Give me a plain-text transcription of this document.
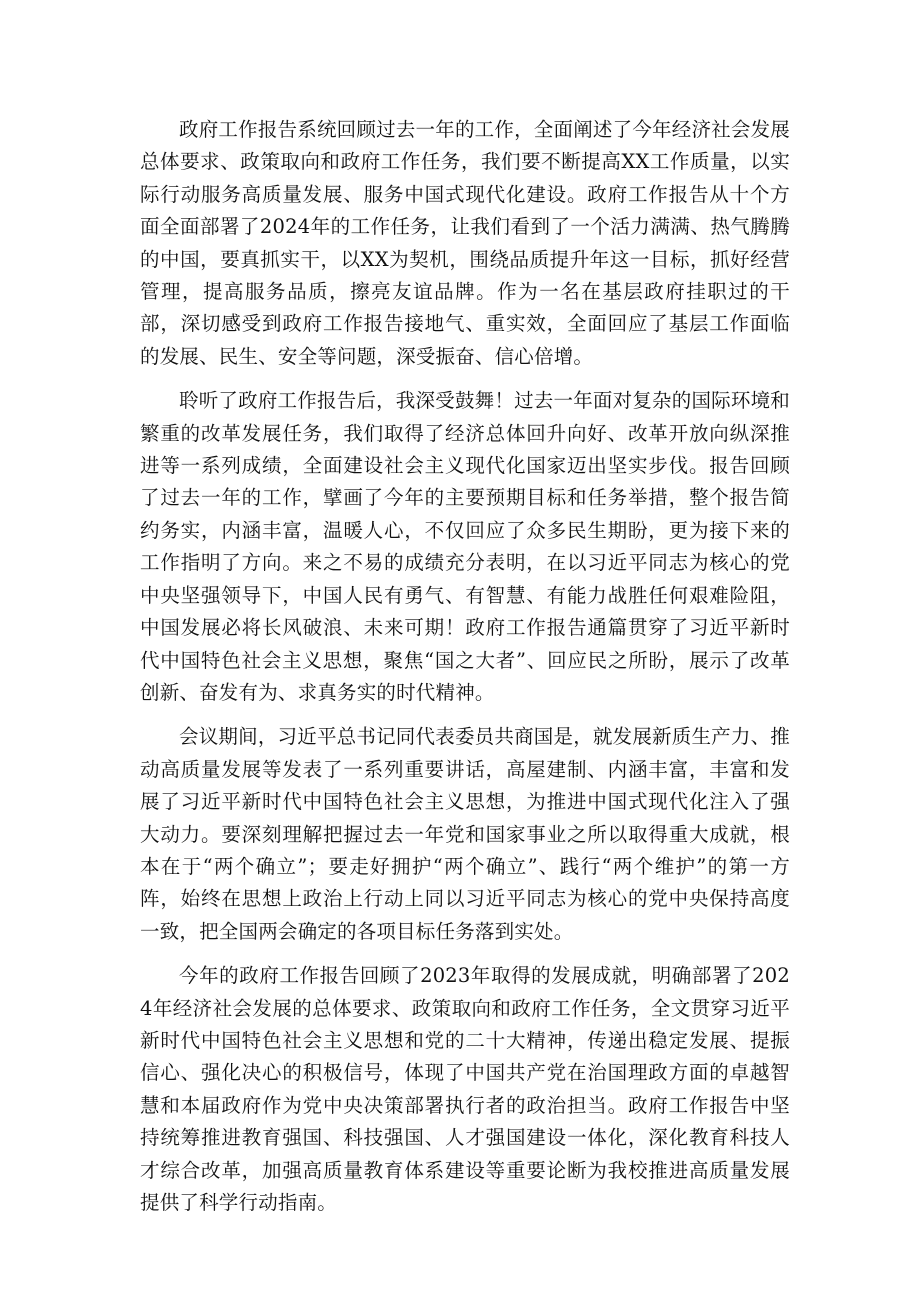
政府工作报告系统回顾过去一年的工作，全面阐述了今年经济社会发展总体要求、政策取向和政府工作任务，我们要不断提高XX工作质量，以实际行动服务高质量发展、服务中国式现代化建设。政府工作报告从十个方面全面部署了2024年的工作任务，让我们看到了一个活力满满、热气腾腾的中国，要真抓实干，以XX为契机，围绕品质提升年这一目标，抓好经营管理，提高服务品质，擦亮友谊品牌。作为一名在基层政府挂职过的干部，深切感受到政府工作报告接地气、重实效，全面回应了基层工作面临的发展、民生、安全等问题，深受振奋、信心倍增。

聆听了政府工作报告后，我深受鼓舞！过去一年面对复杂的国际环境和繁重的改革发展任务，我们取得了经济总体回升向好、改革开放向纵深推进等一系列成绩，全面建设社会主义现代化国家迈出坚实步伐。报告回顾了过去一年的工作，擘画了今年的主要预期目标和任务举措，整个报告简约务实，内涵丰富，温暖人心，不仅回应了众多民生期盼，更为接下来的工作指明了方向。来之不易的成绩充分表明，在以习近平同志为核心的党中央坚强领导下，中国人民有勇气、有智慧、有能力战胜任何艰难险阻，中国发展必将长风破浪、未来可期！政府工作报告通篇贯穿了习近平新时代中国特色社会主义思想，聚焦“国之大者”、回应民之所盼，展示了改革创新、奋发有为、求真务实的时代精神。

会议期间，习近平总书记同代表委员共商国是，就发展新质生产力、推动高质量发展等发表了一系列重要讲话，高屋建制、内涵丰富，丰富和发展了习近平新时代中国特色社会主义思想，为推进中国式现代化注入了强大动力。要深刻理解把握过去一年党和国家事业之所以取得重大成就，根本在于“两个确立”；要走好拥护“两个确立”、践行“两个维护”的第一方阵，始终在思想上政治上行动上同以习近平同志为核心的党中央保持高度一致，把全国两会确定的各项目标任务落到实处。

今年的政府工作报告回顾了2023年取得的发展成就，明确部署了2024年经济社会发展的总体要求、政策取向和政府工作任务，全文贯穿习近平新时代中国特色社会主义思想和党的二十大精神，传递出稳定发展、提振信心、强化决心的积极信号，体现了中国共产党在治国理政方面的卓越智慧和本届政府作为党中央决策部署执行者的政治担当。政府工作报告中坚持统筹推进教育强国、科技强国、人才强国建设一体化，深化教育科技人才综合改革，加强高质量教育体系建设等重要论断为我校推进高质量发展提供了科学行动指南。
